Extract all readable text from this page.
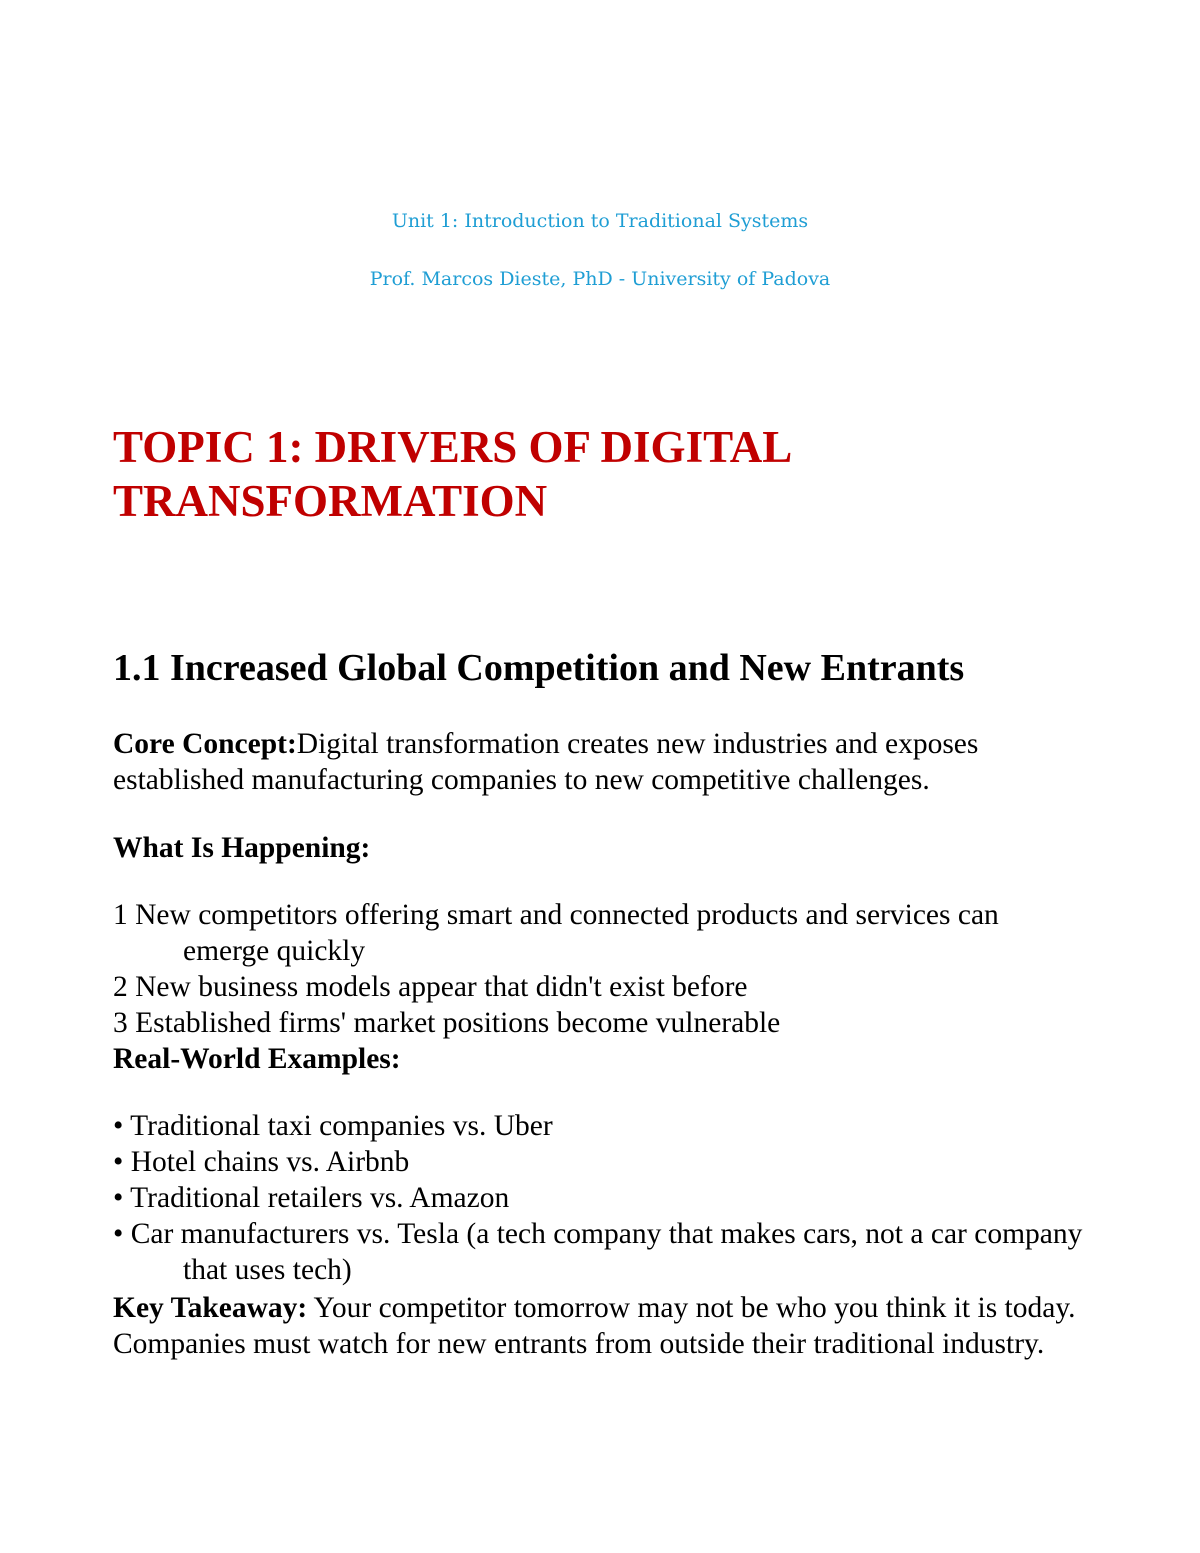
Unit 1: Introduction to Traditional Systems
Prof. Marcos Dieste, PhD - University of Padova
TOPIC 1: DRIVERS OF DIGITAL
TRANSFORMATION
1.1 Increased Global Competition and New Entrants

Core Concept:Digital transformation creates new industries and exposes established manufacturing companies to new competitive challenges.

What Is Happening:

1 New competitors offering smart and connected products and services can emerge quickly
2 New business models appear that didn't exist before
3 Established firms' market positions become vulnerable

Real-World Examples:

• Traditional taxi companies vs. Uber
• Hotel chains vs. Airbnb
• Traditional retailers vs. Amazon
• Car manufacturers vs. Tesla (a tech company that makes cars, not a car company that uses tech)

Key Takeaway: Your competitor tomorrow may not be who you think it is today. Companies must watch for new entrants from outside their traditional industry.
